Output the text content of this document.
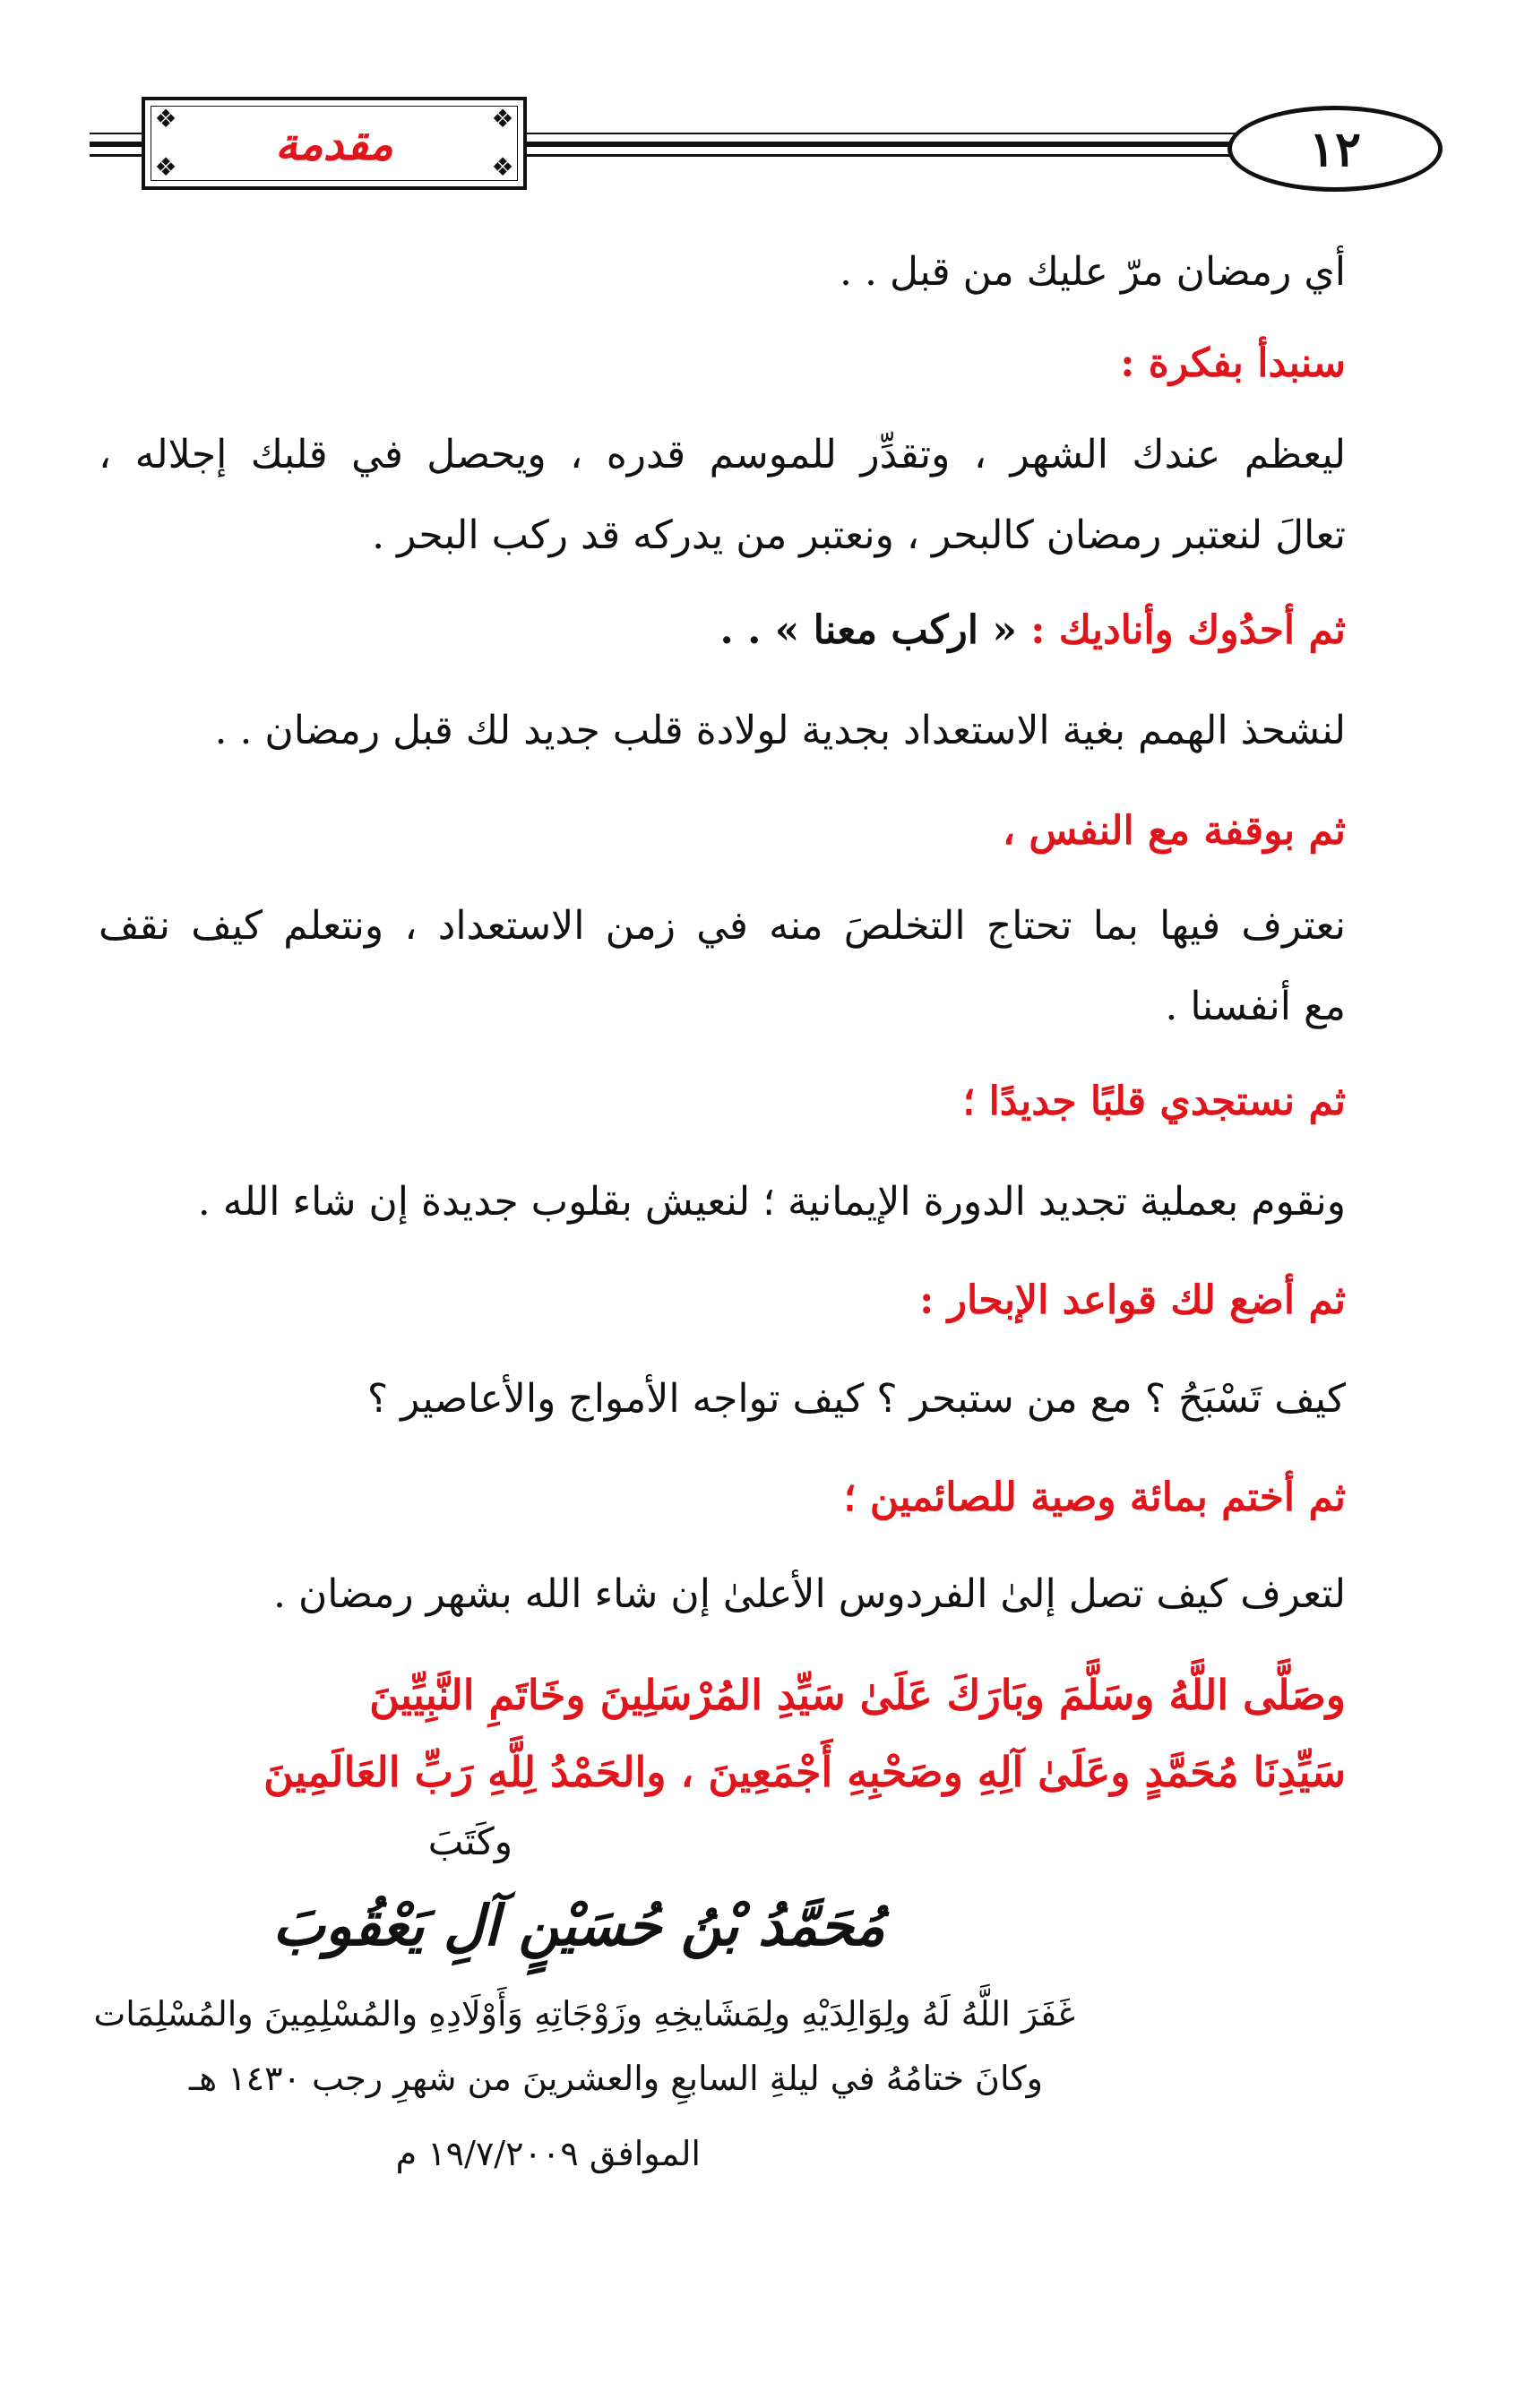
❖	❖
❖	❖
مقدمة	١٢
أي رمضان مرّ عليك من قبل . .
سنبدأ بفكرة :
ليعظم عندك الشهر ، وتقدِّر للموسم قدره ، ويحصل في قلبك إجلاله ،
تعالَ لنعتبر رمضان كالبحر ، ونعتبر من يدركه قد ركب البحر .
ثم أحدُوك وأناديك : « اركب معنا » . .
لنشحذ الهمم بغية الاستعداد بجدية لولادة قلب جديد لك قبل رمضان . .
ثم بوقفة مع النفس ،
نعترف فيها بما تحتاج التخلصَ منه في زمن الاستعداد ، ونتعلم كيف نقف
مع أنفسنا .
ثم نستجدي قلبًا جديدًا ؛
ونقوم بعملية تجديد الدورة الإيمانية ؛ لنعيش بقلوب جديدة إن شاء الله .
ثم أضع لك قواعد الإبحار :
كيف تَسْبَحُ ؟ مع من ستبحر ؟ كيف تواجه الأمواج والأعاصير ؟
ثم أختم بمائة وصية للصائمين ؛
لتعرف كيف تصل إلىٰ الفردوس الأعلىٰ إن شاء الله بشهر رمضان .
وصَلَّى اللَّهُ وسَلَّمَ وبَارَكَ عَلَىٰ سَيِّدِ المُرْسَلِينَ وخَاتَمِ النَّبِيِّينَ
سَيِّدِنَا مُحَمَّدٍ وعَلَىٰ آلِهِ وصَحْبِهِ أَجْمَعِينَ ، والحَمْدُ لِلَّهِ رَبِّ العَالَمِينَ
وكَتَبَ
مُحَمَّدُ بْنُ حُسَيْنٍ آلِ يَعْقُوبَ
غَفَرَ اللَّهُ لَهُ ولِوَالِدَيْهِ ولِمَشَايخِهِ وزَوْجَاتِهِ وَأَوْلَادِهِ والمُسْلِمِينَ والمُسْلِمَات
وكانَ ختامُهُ في ليلةِ السابعِ والعشرينَ من شهرِ رجب ١٤٣٠ هـ
الموافق ١٩/٧/٢٠٠٩ م
